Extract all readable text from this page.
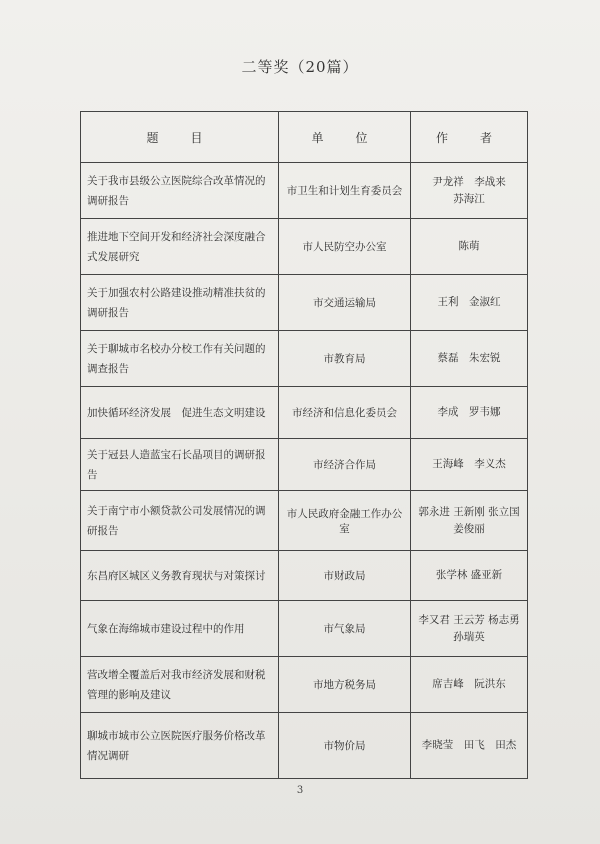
二等奖（20篇）
题　目	单　位	作　者
关于我市县级公立医院综合改革情况的调研报告	市卫生和计划生育委员会	尹龙祥　李战来
苏海江
推进地下空间开发和经济社会深度融合式发展研究	市人民防空办公室	陈萌
关于加强农村公路建设推动精准扶贫的调研报告	市交通运输局	王利　金淑红
关于聊城市名校办分校工作有关问题的调查报告	市教育局	蔡磊　朱宏锐
加快循环经济发展　促进生态文明建设	市经济和信息化委员会	李成　罗韦娜
关于冠县人造蓝宝石长晶项目的调研报告	市经济合作局	王海峰　李义杰
关于南宁市小额贷款公司发展情况的调研报告	市人民政府金融工作办公室	郭永进 王新刚 张立国
姜俊丽
东昌府区城区义务教育现状与对策探讨	市财政局	张学林 盛亚新
气象在海绵城市建设过程中的作用	市气象局	李又君 王云芳 杨志勇
孙瑞英
营改增全覆盖后对我市经济发展和财税管理的影响及建议	市地方税务局	席吉峰　阮洪东
聊城市城市公立医院医疗服务价格改革情况调研	市物价局	李晓莹　田飞　田杰
3
